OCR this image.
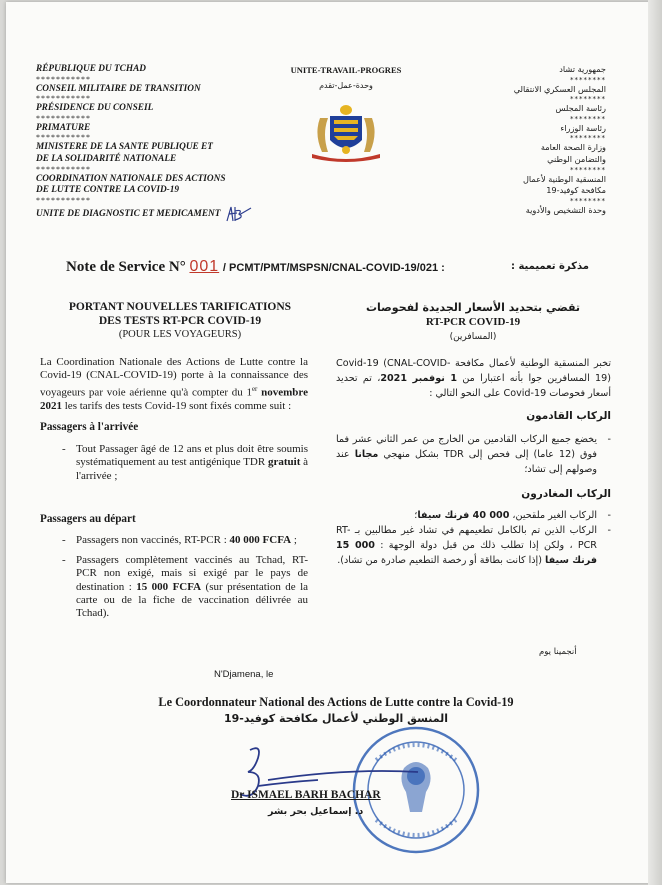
RÉPUBLIQUE DU TCHAD
***********
CONSEIL MILITAIRE DE TRANSITION
***********
PRÉSIDENCE DU CONSEIL
***********
PRIMATURE
***********
MINISTERE DE LA SANTE PUBLIQUE ET
DE LA SOLIDARITÉ NATIONALE
***********
COORDINATION NATIONALE DES ACTIONS
DE LUTTE CONTRE LA COVID-19
***********
UNITE DE DIAGNOSTIC ET MEDICAMENT
UNITE-TRAVAIL-PROGRES
وحدة-عمل-تقدم
جمهورية تشاد
********
المجلس العسكري الانتقالي
********
رئاسة المجلس
********
رئاسة الوزراء
********
وزارة الصحة العامة
والتضامن الوطني
********
المنسقية الوطنية لأعمال
مكافحة كوفيد-19
********
وحدة التشخيص والأدوية
Note de Service N° 001 / PCMT/PMT/MSPSN/CNAL-COVID-19/021 :	مذكرة تعميمية :
PORTANT NOUVELLES TARIFICATIONS
DES TESTS RT-PCR COVID-19
(POUR LES VOYAGEURS)
تقضي بتحديد الأسعار الجديدة لفحوصات
RT-PCR COVID-19
(المسافرين)

La Coordination Nationale des Actions de Lutte contre la Covid-19 (CNAL-COVID-19) porte à la connaissance des voyageurs par voie aérienne qu'à compter du 1er novembre 2021 les tarifs des tests Covid-19 sont fixés comme suit :

Passagers à l'arrivée
- Tout Passager âgé de 12 ans et plus doit être soumis systématiquement au test antigénique TDR gratuit à l'arrivée ;
Passagers au départ
- Passagers non vaccinés, RT-PCR : 40 000 FCFA ;
- Passagers complètement vaccinés au Tchad, RT-PCR non exigé, mais si exigé par le pays de destination : 15 000 FCFA (sur présentation de la carte ou de la fiche de vaccination délivrée au Tchad).

تخبر المنسقية الوطنية لأعمال مكافحة Covid-19 (CNAL-COVID-19) المسافرين جوا بأنه اعتبارا من 1 نوفمبر 2021، تم تحديد أسعار فحوصات Covid-19 على النحو التالي :

الركاب القادمون
- يخضع جميع الركاب القادمين من الخارج من عمر الثاني عشر فما فوق (12 عاما) إلى فحص إلى TDR بشكل منهجي مجانا عند وصولهم إلى تشاد؛
الركاب المغادرون
- الركاب الغير ملقحين، 000 40 فرنك سيفا؛
- الركاب الذين تم بالكامل تطعيمهم في تشاد غير مطالبين بـ RT-PCR ، ولكن إذا تطلب ذلك من قبل دولة الوجهة : 000 15 فرنك سيفا (إذا كانت بطاقة أو رخصة التطعيم صادرة من تشاد).
أنجمينا يوم
N'Djamena, le
Le Coordonnateur National des Actions de Lutte contre la Covid-19
المنسق الوطني لأعمال مكافحة كوفيد-19
Dr ISMAEL BARH BACHAR
د. إسماعيل بحر بشر
